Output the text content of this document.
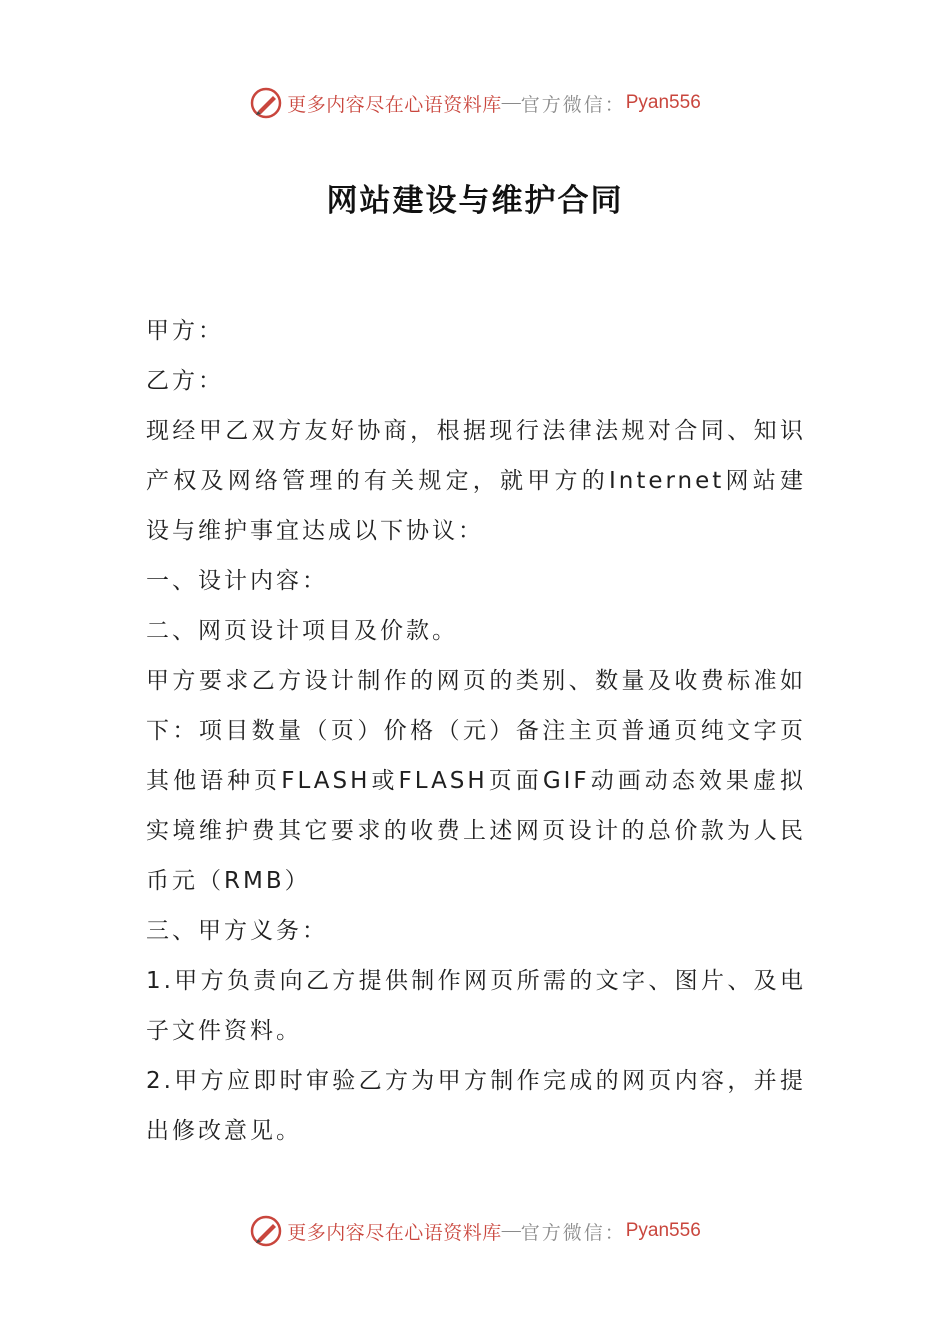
更多内容尽在心语资料库 — 官方微信： Pyan556
网站建设与维护合同

甲方：

乙方：

现经甲乙双方友好协商，根据现行法律法规对合同、知识产权及网络管理的有关规定，就甲方的Internet网站建设与维护事宜达成以下协议：

一、设计内容：

二、网页设计项目及价款。

甲方要求乙方设计制作的网页的类别、数量及收费标准如下：项目数量（页）价格（元）备注主页普通页纯文字页其他语种页FLASH或FLASH页面GIF动画动态效果虚拟实境维护费其它要求的收费上述网页设计的总价款为人民币元（RMB）

三、甲方义务：

1.甲方负责向乙方提供制作网页所需的文字、图片、及电子文件资料。

2.甲方应即时审验乙方为甲方制作完成的网页内容，并提出修改意见。

更多内容尽在心语资料库 — 官方微信： Pyan556
